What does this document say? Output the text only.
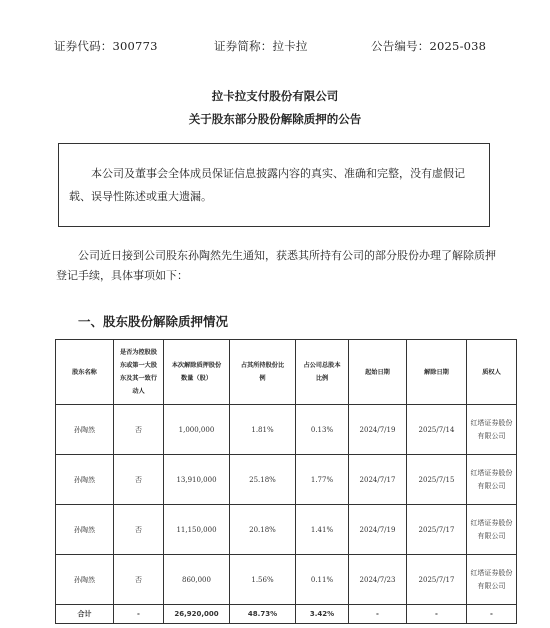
证券代码：300773	证券简称：拉卡拉	公告编号：2025-038
拉卡拉支付股份有限公司
关于股东部分股份解除质押的公告

本公司及董事会全体成员保证信息披露内容的真实、准确和完整，没有虚假记载、误导性陈述或重大遗漏。

公司近日接到公司股东孙陶然先生通知，获悉其所持有公司的部分股份办理了解除质押登记手续，具体事项如下：

一、股东股份解除质押情况
股东名称	是否为控股股东或第一大股东及其一致行动人	本次解除质押股份数量（股）	占其所持股份比例	占公司总股本比例	起始日期	解除日期	质权人
孙陶然	否	1,000,000	1.81%	0.13%	2024/7/19	2025/7/14	红塔证券股份有限公司
孙陶然	否	13,910,000	25.18%	1.77%	2024/7/17	2025/7/15	红塔证券股份有限公司
孙陶然	否	11,150,000	20.18%	1.41%	2024/7/19	2025/7/17	红塔证券股份有限公司
孙陶然	否	860,000	1.56%	0.11%	2024/7/23	2025/7/17	红塔证券股份有限公司
合计	-	26,920,000	48.73%	3.42%	-	-	-
